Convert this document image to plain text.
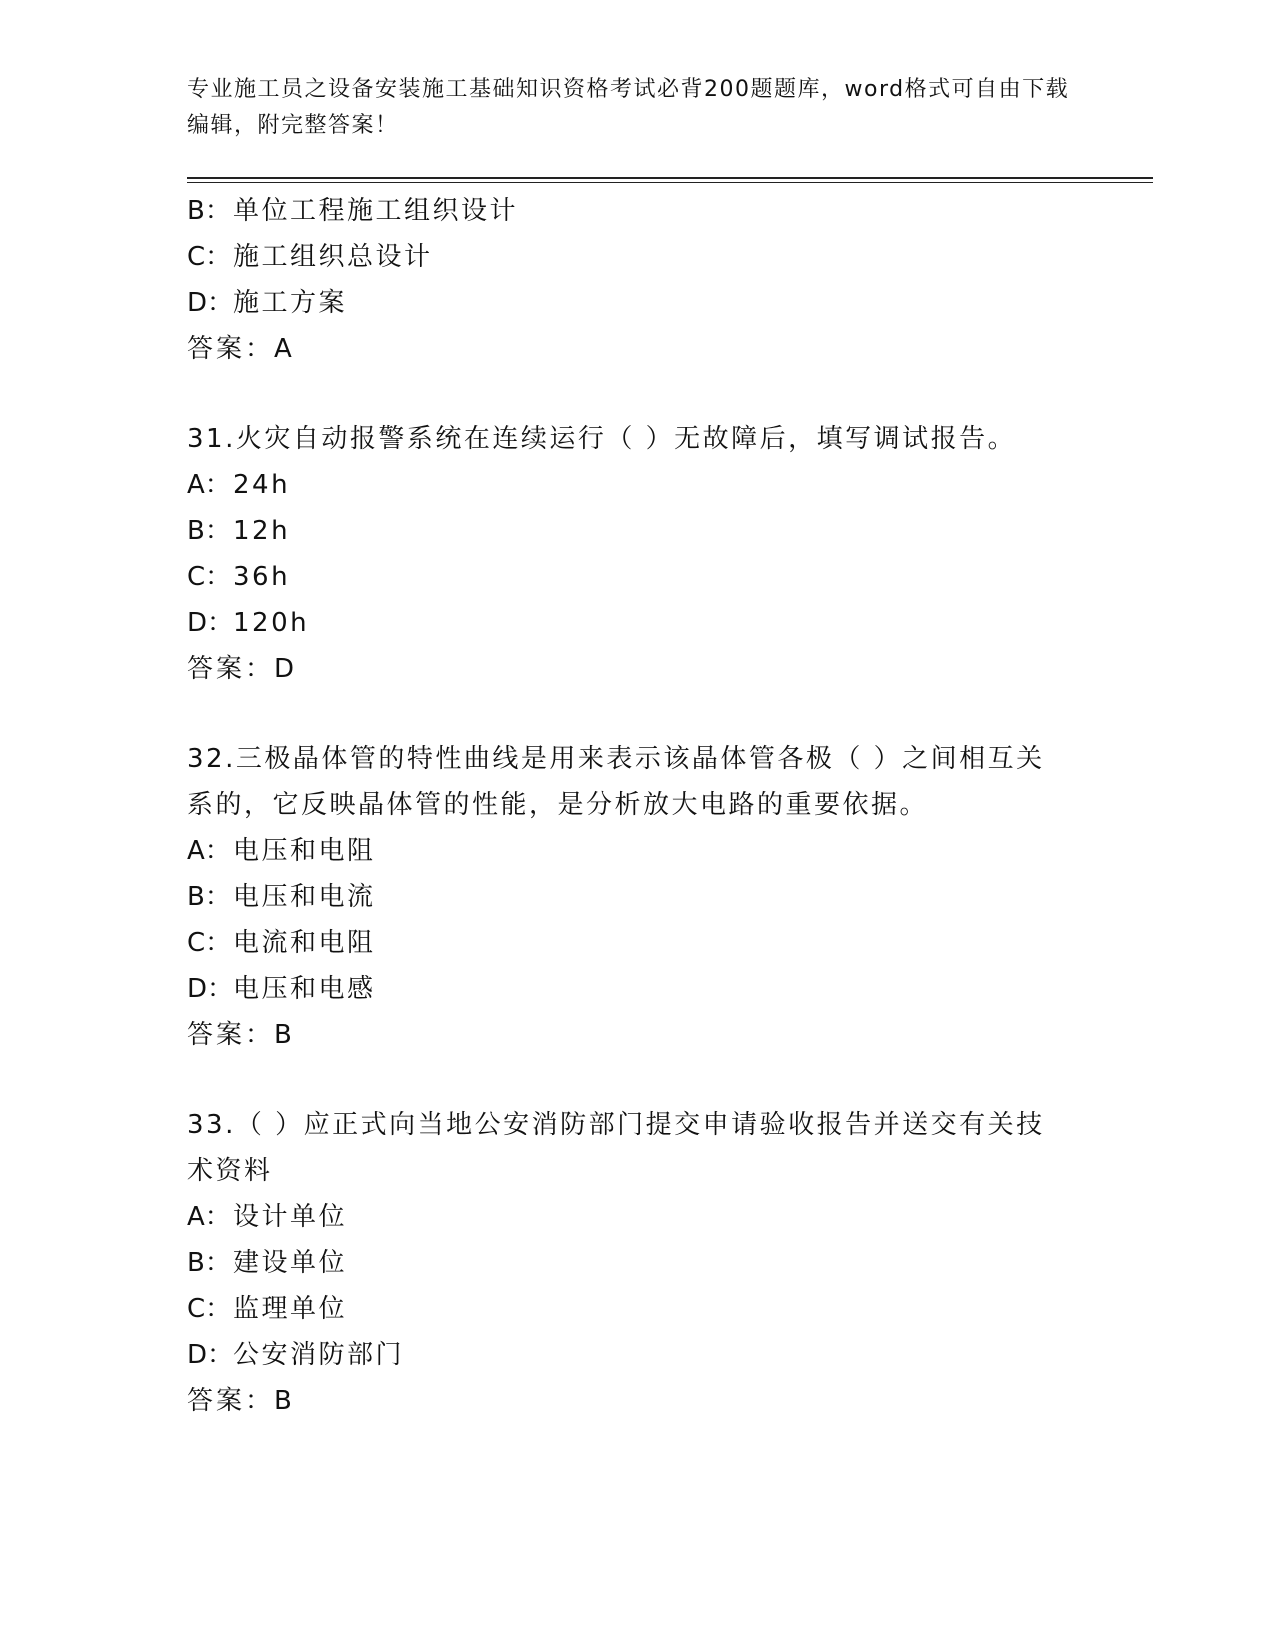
专业施工员之设备安装施工基础知识资格考试必背200题题库，word格式可自由下载编辑，附完整答案！
B：单位工程施工组织设计
C：施工组织总设计
D：施工方案
答案：A
31.火灾自动报警系统在连续运行（ ）无故障后，填写调试报告。
A：24h
B：12h
C：36h
D：120h
答案：D
32.三极晶体管的特性曲线是用来表示该晶体管各极（ ）之间相互关系的，它反映晶体管的性能，是分析放大电路的重要依据。
A：电压和电阻
B：电压和电流
C：电流和电阻
D：电压和电感
答案：B
33.（ ）应正式向当地公安消防部门提交申请验收报告并送交有关技术资料
A：设计单位
B：建设单位
C：监理单位
D：公安消防部门
答案：B
